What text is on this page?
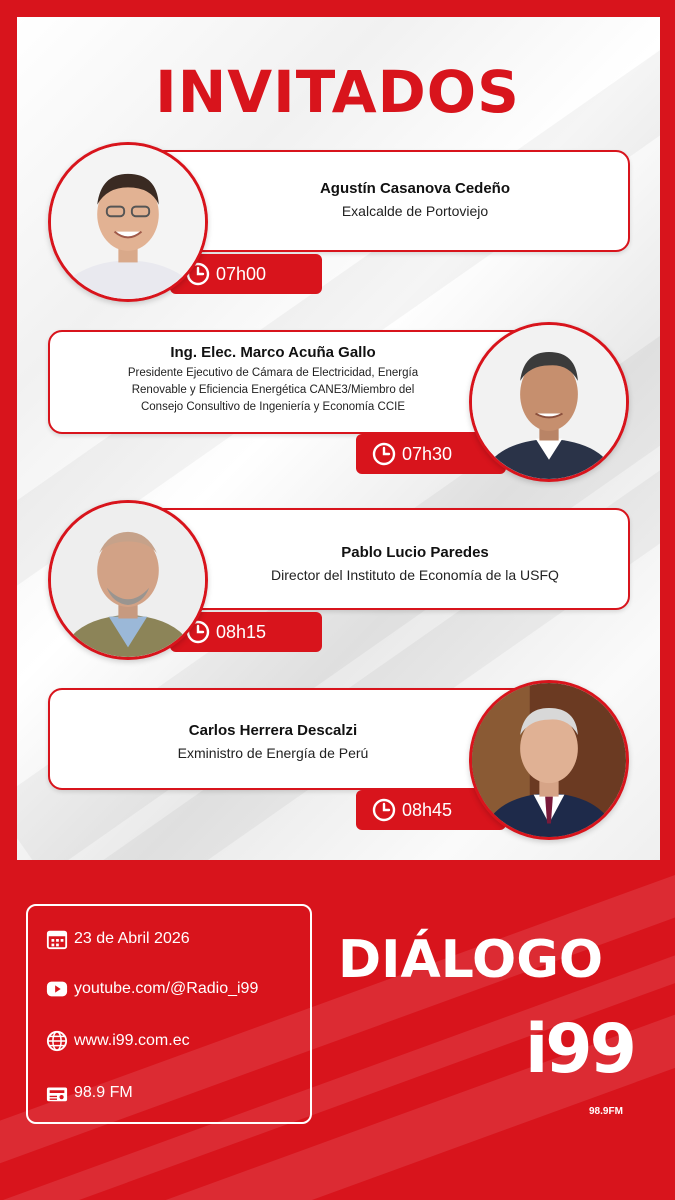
INVITADOS
Agustín Casanova Cedeño
Exalcalde de Portoviejo
07h00
Ing. Elec. Marco Acuña Gallo
Presidente Ejecutivo de Cámara de Electricidad, Energía
Renovable y Eficiencia Energética CANE3/Miembro del
Consejo Consultivo de Ingeniería y Economía CCIE
07h30
Pablo Lucio Paredes
Director del Instituto de Economía de la USFQ
08h15
Carlos Herrera Descalzi
Exministro de Energía de Perú
08h45
23 de Abril 2026
youtube.com/@Radio_i99
www.i99.com.ec
98.9 FM
DIÁLOGO
i99
98.9FM
